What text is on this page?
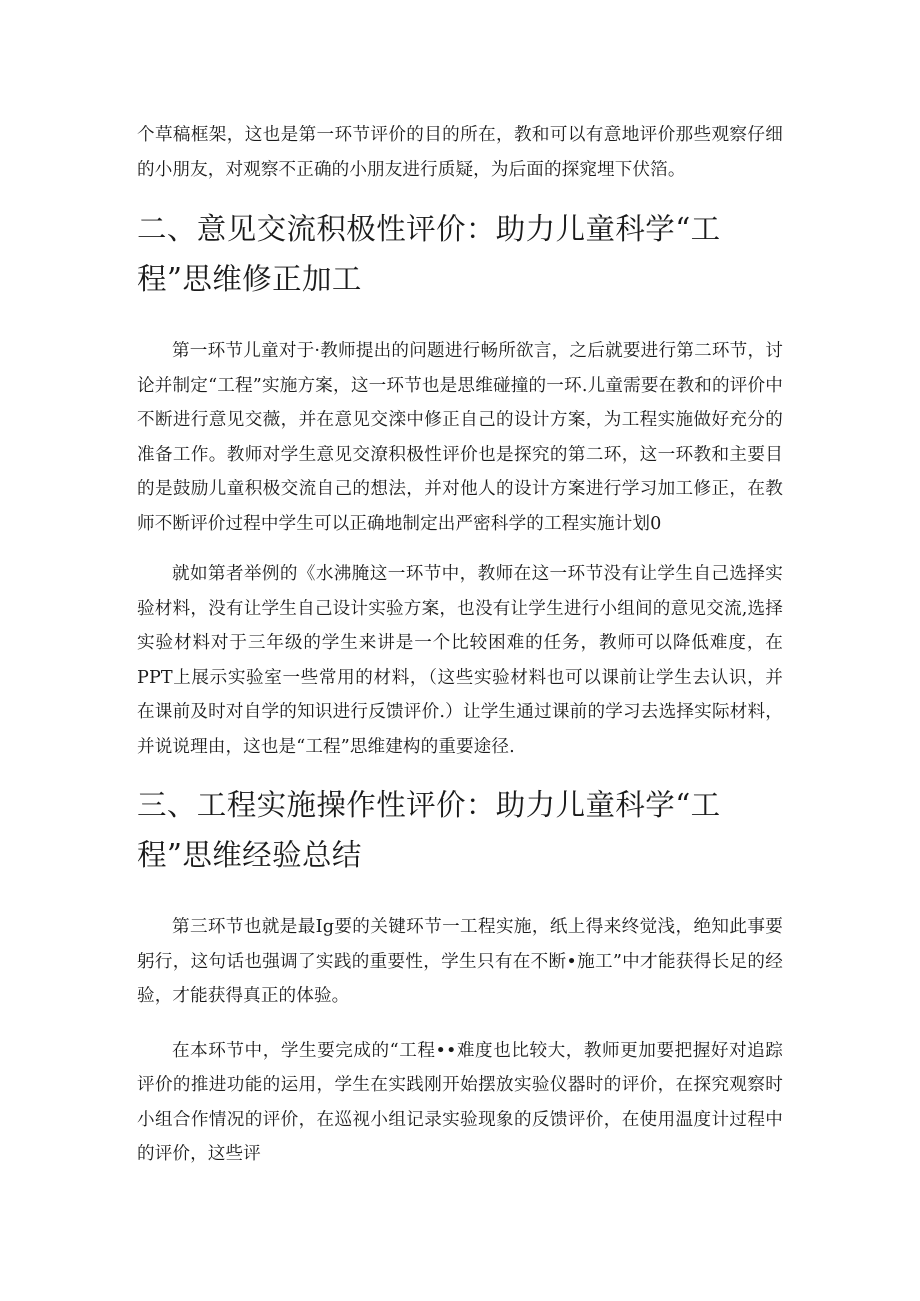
个草稿框架，这也是第一环节评价的目的所在，教和可以有意地评价那些观察仔细的小朋友，对观察不正确的小朋友进行质疑，为后面的探窕埋下伏箔。

二、意见交流积极性评价：助力儿童科学“工程”思维修正加工

第一环节儿童对于·教师提出的问题进行畅所欲言，之后就要进行第二环节，讨论并制定“工程”实施方案，这一环节也是思维碰撞的一环.儿童需要在教和的评价中不断进行意见交薇，并在意见交滦中修正自己的设计方案，为工程实施做好充分的准备工作。教师对学生意见交潦积极性评价也是探究的第二环，这一环教和主要目的是鼓励儿童积极交流自己的想法，并对他人的设计方案进行学习加工修正，在教师不断评价过程中学生可以正确地制定出严密科学的工程实施计划0

就如第者举例的《水沸腌这一环节中，教师在这一环节没有让学生自己选择实验材料，没有让学生自己设计实验方案，也没有让学生进行小组间的意见交流,选择实验材料对于三年级的学生来讲是一个比较困难的任务，教师可以降低难度，在PPT上展示实验室一些常用的材料，（这些实验材料也可以课前让学生去认识，并在课前及时对自学的知识进行反馈评价.）让学生通过课前的学习去选择实际材料，并说说理由，这也是“工程”思维建构的重要途径.

三、工程实施操作性评价：助力儿童科学“工程”思维经验总结

第三环节也就是最Ig要的关键环节一工程实施，纸上得来终觉浅，绝知此事要躬行，这句话也强调了实践的重要性，学生只有在不断•施工”中才能获得长足的经验，才能获得真正的体验。

在本环节中，学生要完成的“工程••难度也比较大，教师更加要把握好对追踪评价的推进功能的运用，学生在实践刚开始摆放实验仪器时的评价，在探究观察时小组合作情况的评价，在巡视小组记录实验现象的反馈评价，在使用温度计过程中的评价，这些评
